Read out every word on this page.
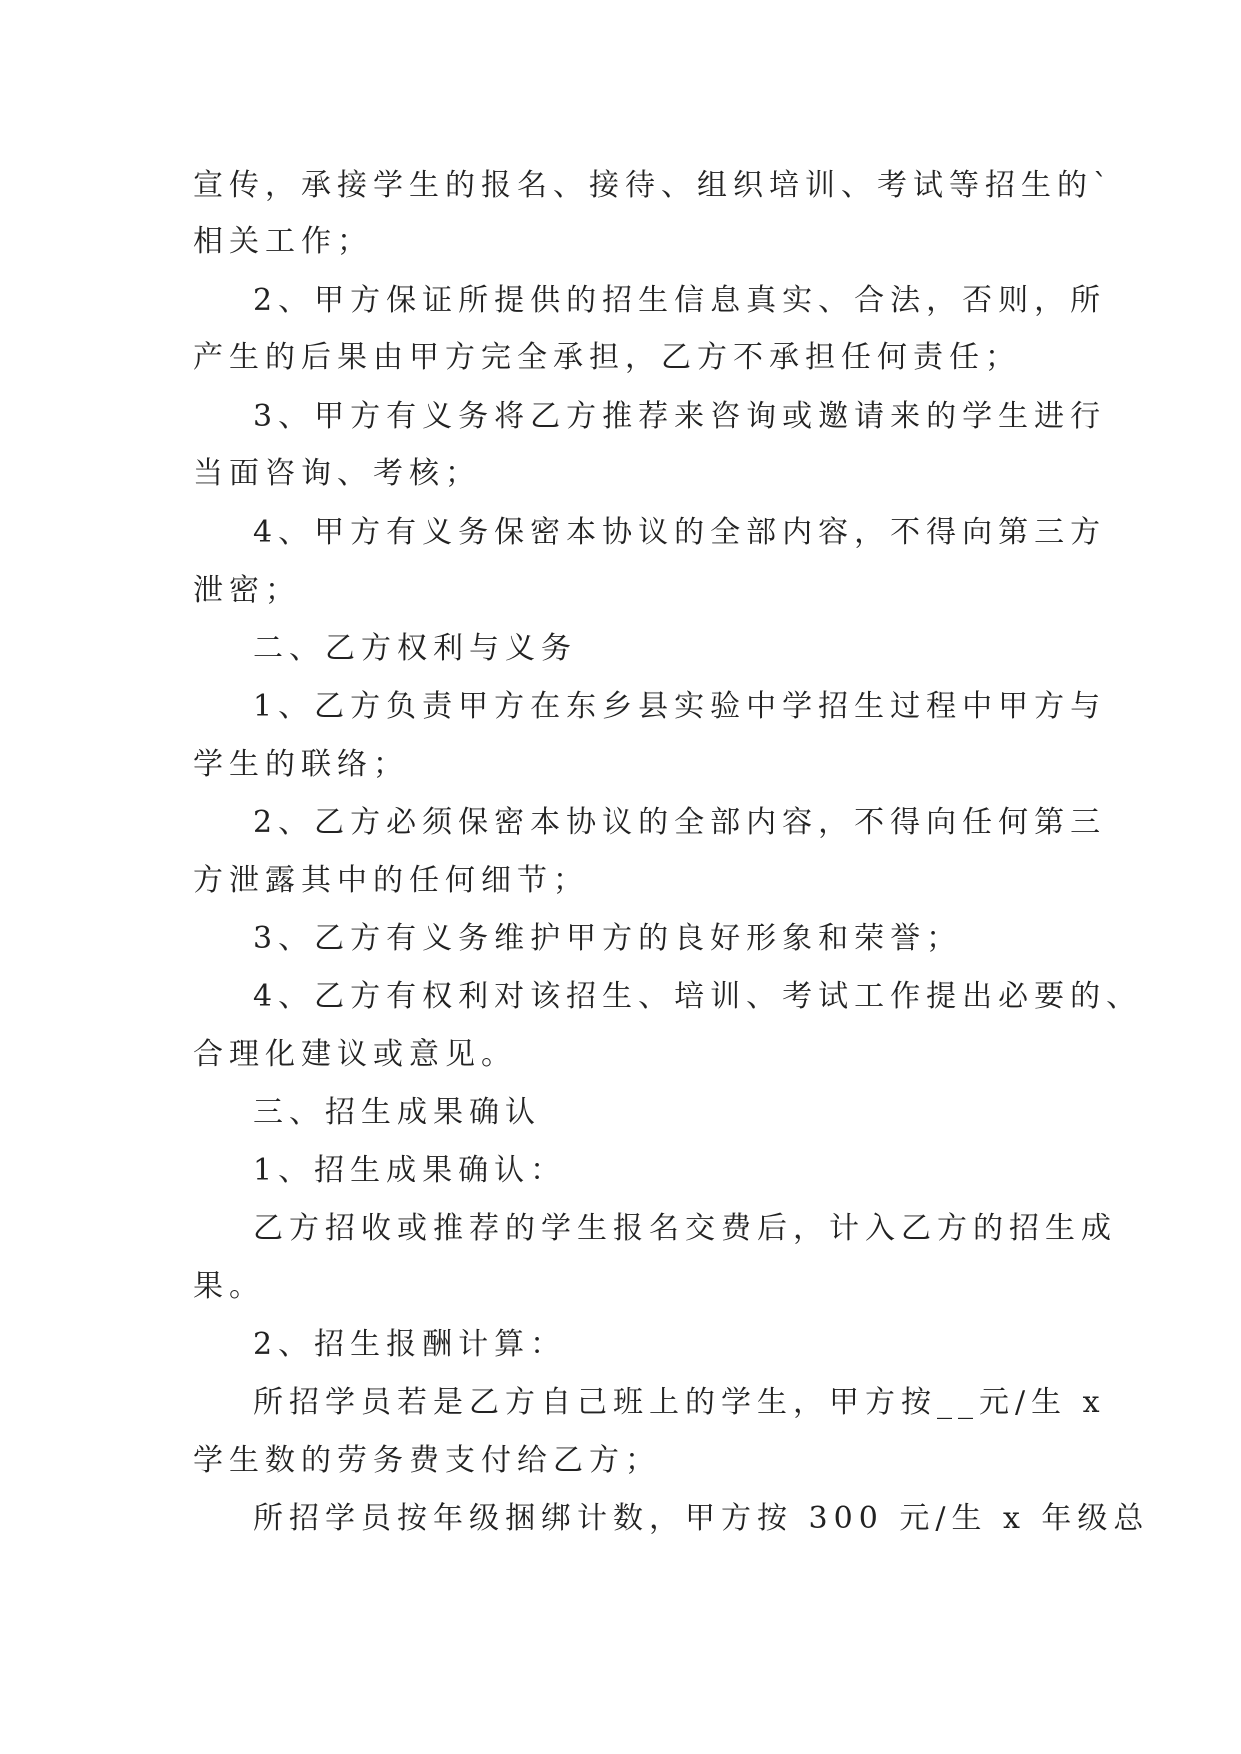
宣传，承接学生的报名、接待、组织培训、考试等招生的`
相关工作；
2、甲方保证所提供的招生信息真实、合法，否则，所
产生的后果由甲方完全承担，乙方不承担任何责任；
3、甲方有义务将乙方推荐来咨询或邀请来的学生进行
当面咨询、考核；
4、甲方有义务保密本协议的全部内容，不得向第三方
泄密；
二、乙方权利与义务
1、乙方负责甲方在东乡县实验中学招生过程中甲方与
学生的联络；
2、乙方必须保密本协议的全部内容，不得向任何第三
方泄露其中的任何细节；
3、乙方有义务维护甲方的良好形象和荣誉；
4、乙方有权利对该招生、培训、考试工作提出必要的、
合理化建议或意见。
三、招生成果确认
1、招生成果确认：
乙方招收或推荐的学生报名交费后，计入乙方的招生成
果。
2、招生报酬计算：
所招学员若是乙方自己班上的学生，甲方按__元/生 x
学生数的劳务费支付给乙方；
所招学员按年级捆绑计数，甲方按 300 元/生 x 年级总
